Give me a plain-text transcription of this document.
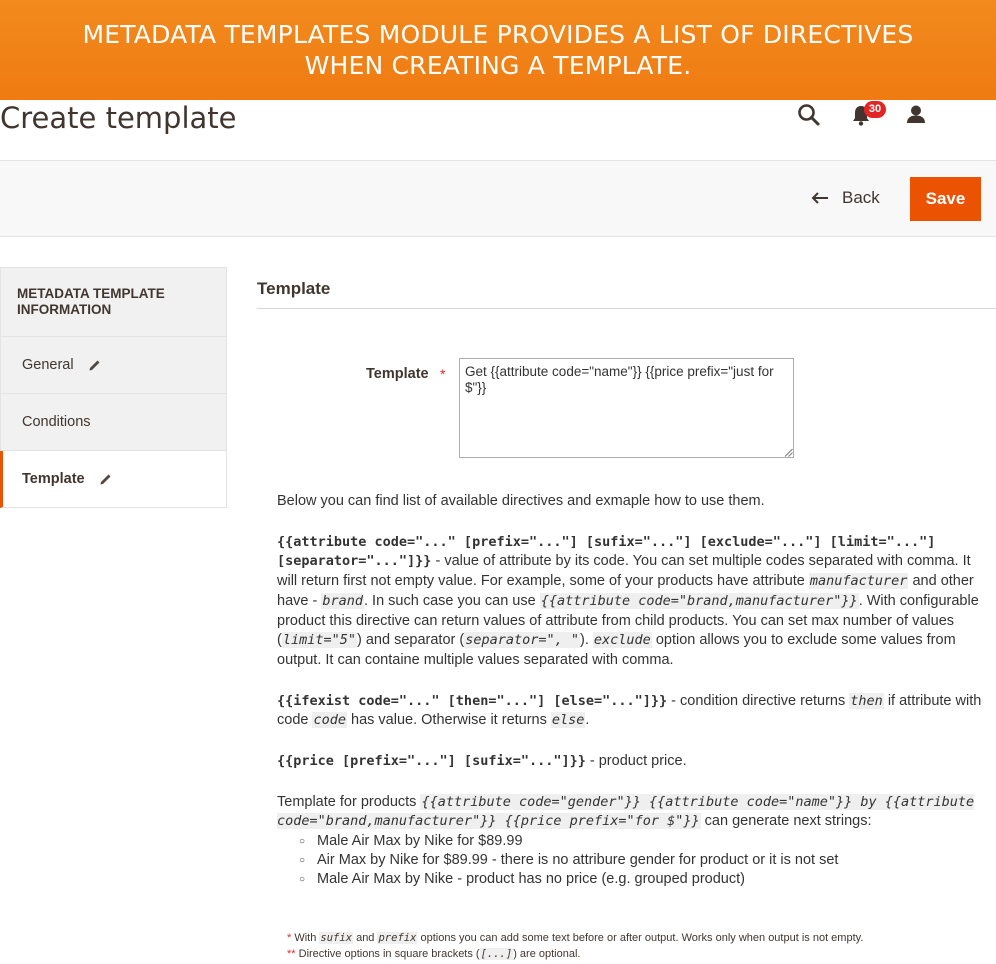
METADATA TEMPLATES MODULE PROVIDES A LIST OF DIRECTIVES
WHEN CREATING A TEMPLATE.
Create template	30
Back	Save
METADATA TEMPLATE INFORMATION
General
Conditions
Template
Template
Template *
Get {{attribute code="name"}} {{price prefix="just for $"}}

Below you can find list of available directives and exmaple how to use them.

{{attribute code="..." [prefix="..."] [sufix="..."] [exclude="..."] [limit="..."] [separator="..."]}} - value of attribute by its code. You can set multiple codes separated with comma. It will return first not empty value. For example, some of your products have attribute manufacturer and other have - brand. In such case you can use {{attribute code="brand,manufacturer"}}. With configurable product this directive can return values of attribute from child products. You can set max number of values (limit="5") and separator (separator=", "). exclude option allows you to exclude some values from output. It can containe multiple values separated with comma.

{{ifexist code="..." [then="..."] [else="..."]}} - condition directive returns then if attribute with code code has value. Otherwise it returns else.

{{price [prefix="..."] [sufix="..."]}} - product price.

Template for products {{attribute code="gender"}} {{attribute code="name"}} by {{attribute code="brand,manufacturer"}} {{price prefix="for $"}} can generate next strings:
○ Male Air Max by Nike for $89.99
○ Air Max by Nike for $89.99 - there is no attribure gender for product or it is not set
○ Male Air Max by Nike - product has no price (e.g. grouped product)
* With sufix and prefix options you can add some text before or after output. Works only when output is not empty.
** Directive options in square brackets ([...]) are optional.
